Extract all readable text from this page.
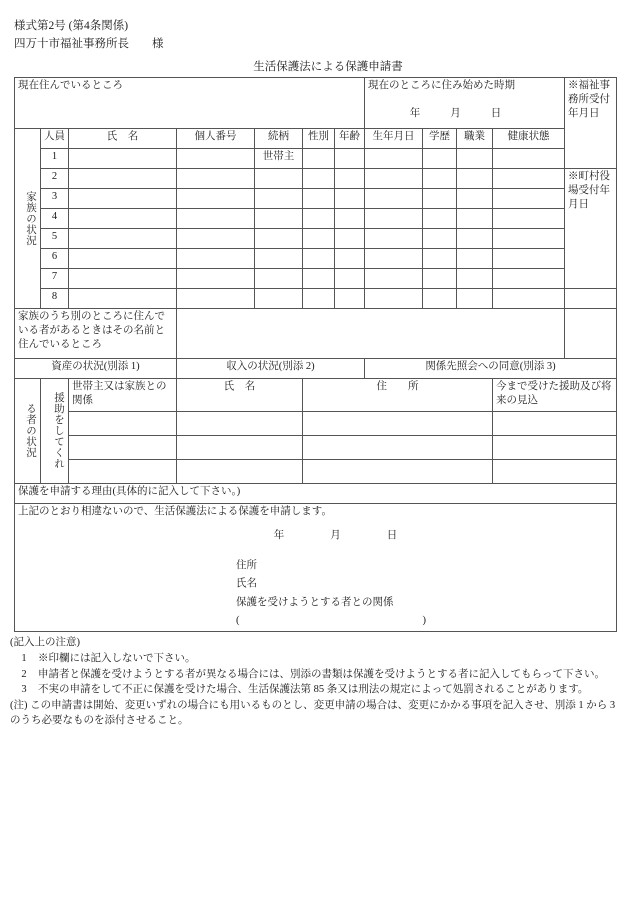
様式第2号 (第4条関係)
四万十市福祉事務所長　　様
生活保護法による保護申請書
現在住んでいるところ							現在のところに住み始めた時期
年 月 日				※福祉事務所受付年月日
家族の状況	人員	氏　名	個人番号	続柄	性別	年齢	生年月日	学歴	職業	健康状態	
	1			世帯主							
	2										※町村役場受付年月日
	3										
	4										
	5										
	6										
	7										
	8										
家族のうち別のところに住んでいる者があるときはその名前と住んでいるところ											
資産の状況(別添 1)			収入の状況(別添 2)				関係先照会への同意(別添 3)				
る者の状況	援助をしてくれ	世帯主又は家族との関係	氏　名		住　　所					今まで受けた援助及び将来の見込	

保護を申請する理由(具体的に記入して下さい。)											

上記のとおり相違ないので、生活保護法による保護を申請します。
年	月	日
住所
氏名
保護を受けようとする者との関係
(	)
(記入上の注意)
1	※印欄には記入しないで下さい。
2	申請者と保護を受けようとする者が異なる場合には、別添の書類は保護を受けようとする者に記入してもらって下さい。
3	不実の申請をして不正に保護を受けた場合、生活保護法第 85 条又は刑法の規定によって処罰されることがあります。
(注) この申請書は開始、変更いずれの場合にも用いるものとし、変更申請の場合は、変更にかかる事項を記入させ、別添 1 から 3 のうち必要なものを添付させること。
